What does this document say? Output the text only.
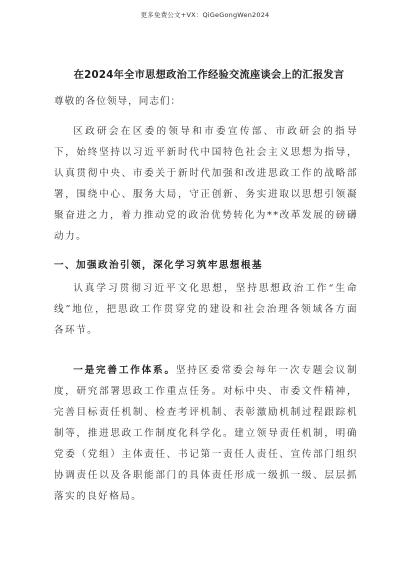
更多免费公文+VX：QiGeGongWen2024
在2024年全市思想政治工作经验交流座谈会上的汇报发言
尊敬的各位领导，同志们：

区政研会在区委的领导和市委宣传部、市政研会的指导下，始终坚持以习近平新时代中国特色社会主义思想为指导，认真贯彻中央、市委关于新时代加强和改进思政工作的战略部署，围绕中心、服务大局，守正创新、务实进取以思想引领凝聚奋进之力，着力推动党的政治优势转化为**改革发展的磅礴动力。

一、加强政治引领，深化学习筑牢思想根基

认真学习贯彻习近平文化思想，坚持思想政治工作“生命线”地位，把思政工作贯穿党的建设和社会治理各领域各方面各环节。

一是完善工作体系。坚持区委常委会每年一次专题会议制度，研究部署思政工作重点任务。对标中央、市委文件精神，完善目标责任机制、检查考评机制、表彰激励机制过程跟踪机制等，推进思政工作制度化科学化。建立领导责任机制，明确党委（党组）主体责任、书记第一责任人责任、宣传部门组织协调责任以及各职能部门的具体责任形成一级抓一级、层层抓落实的良好格局。
